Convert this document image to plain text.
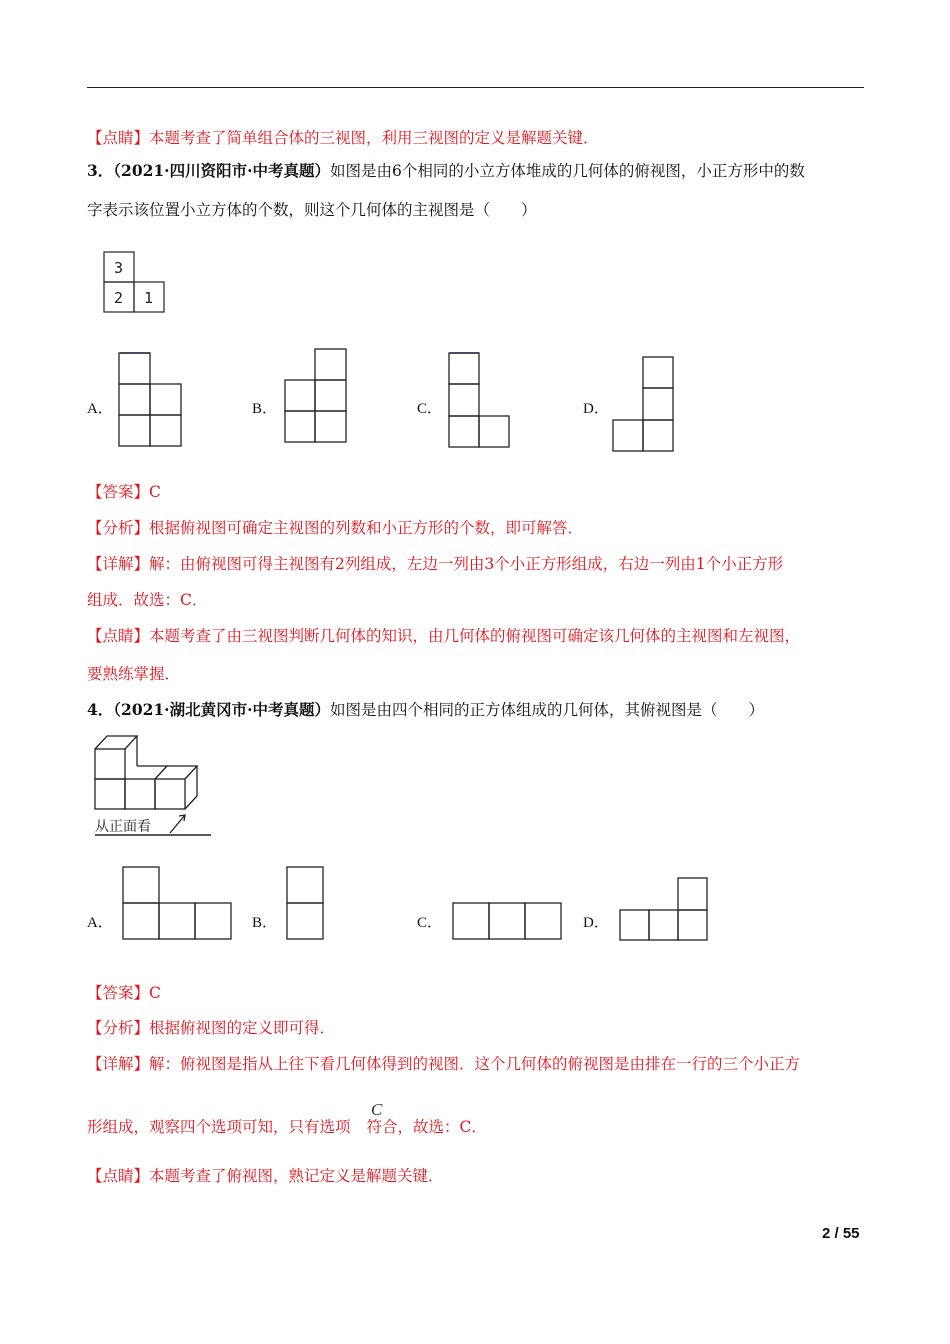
【点睛】本题考查了简单组合体的三视图，利用三视图的定义是解题关键．
3．（2021·四川资阳市·中考真题）如图是由6个相同的小立方体堆成的几何体的俯视图，小正方形中的数
字表示该位置小立方体的个数，则这个几何体的主视图是（　　）
3
2 1
A．	B．	C．	D．
【答案】C
【分析】根据俯视图可确定主视图的列数和小正方形的个数，即可解答．
【详解】解：由俯视图可得主视图有2列组成，左边一列由3个小正方形组成，右边一列由1个小正方形
组成．故选：C．
【点睛】本题考查了由三视图判断几何体的知识，由几何体的俯视图可确定该几何体的主视图和左视图，
要熟练掌握．
4．（2021·湖北黄冈市·中考真题）如图是由四个相同的正方体组成的几何体，其俯视图是（　　）
从正面看
A．	B．	C．	D．
【答案】C
【分析】根据俯视图的定义即可得．
【详解】解：俯视图是指从上往下看几何体得到的视图．这个几何体的俯视图是由排在一行的三个小正方
形组成，观察四个选项可知，只有选项 符合，故选：C．
C
【点睛】本题考查了俯视图，熟记定义是解题关键．
2 / 55
